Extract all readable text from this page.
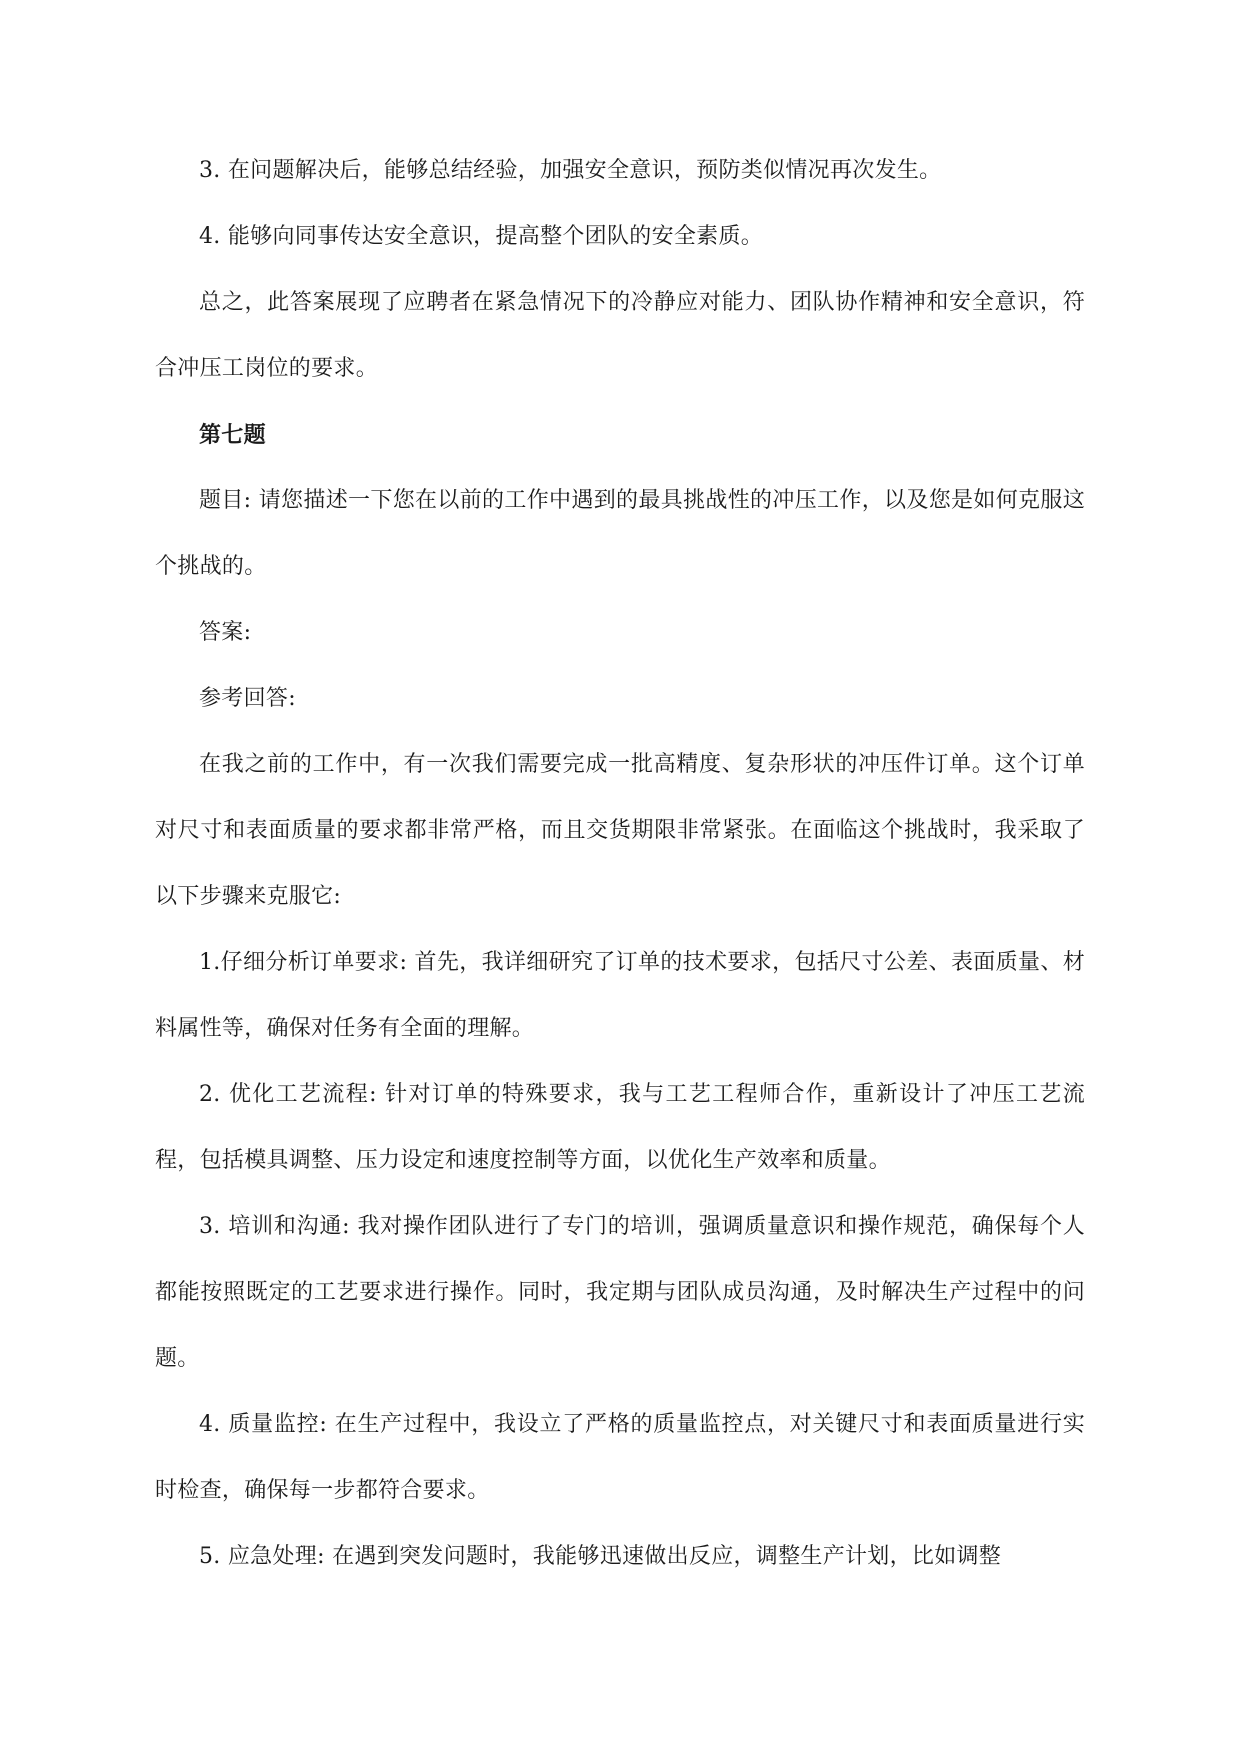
3. 在问题解决后，能够总结经验，加强安全意识，预防类似情况再次发生。

4. 能够向同事传达安全意识，提高整个团队的安全素质。

总之，此答案展现了应聘者在紧急情况下的冷静应对能力、团队协作精神和安全意识，符合冲压工岗位的要求。

第七题

题目: 请您描述一下您在以前的工作中遇到的最具挑战性的冲压工作，以及您是如何克服这个挑战的。

答案:

参考回答:

在我之前的工作中，有一次我们需要完成一批高精度、复杂形状的冲压件订单。这个订单对尺寸和表面质量的要求都非常严格，而且交货期限非常紧张。在面临这个挑战时，我采取了以下步骤来克服它:

1.仔细分析订单要求: 首先，我详细研究了订单的技术要求，包括尺寸公差、表面质量、材料属性等，确保对任务有全面的理解。

2. 优化工艺流程: 针对订单的特殊要求，我与工艺工程师合作，重新设计了冲压工艺流程，包括模具调整、压力设定和速度控制等方面，以优化生产效率和质量。

3. 培训和沟通: 我对操作团队进行了专门的培训，强调质量意识和操作规范，确保每个人都能按照既定的工艺要求进行操作。同时，我定期与团队成员沟通，及时解决生产过程中的问题。

4. 质量监控: 在生产过程中，我设立了严格的质量监控点，对关键尺寸和表面质量进行实时检查，确保每一步都符合要求。

5. 应急处理: 在遇到突发问题时，我能够迅速做出反应，调整生产计划，比如调整
